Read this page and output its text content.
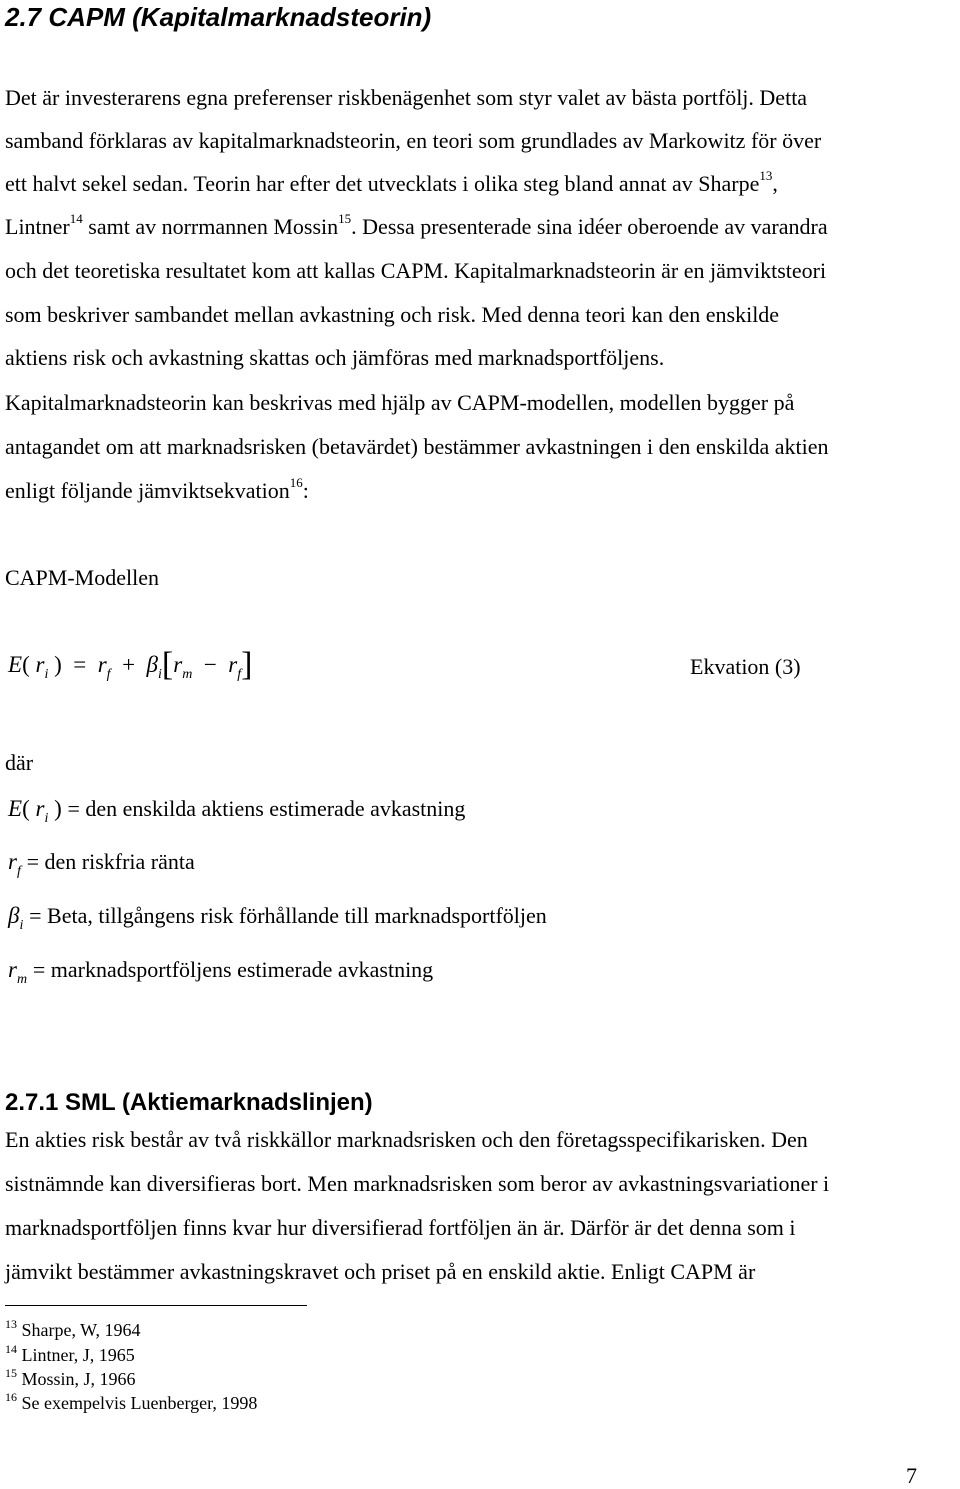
2.7 CAPM (Kapitalmarknadsteorin)
Det är investerarens egna preferenser riskbenägenhet som styr valet av bästa portfölj. Detta
samband förklaras av kapitalmarknadsteorin, en teori som grundlades av Markowitz för över
ett halvt sekel sedan. Teorin har efter det utvecklats i olika steg bland annat av Sharpe$^{13}$,
Lintner$^{14}$ samt av norrmannen Mossin$^{15}$. Dessa presenterade sina idéer oberoende av varandra
och det teoretiska resultatet kom att kallas CAPM. Kapitalmarknadsteorin är en jämviktsteori
som beskriver sambandet mellan avkastning och risk. Med denna teori kan den enskilde
aktiens risk och avkastning skattas och jämföras med marknadsportföljens.
Kapitalmarknadsteorin kan beskrivas med hjälp av CAPM-modellen, modellen bygger på
antagandet om att marknadsrisken (betavärdet) bestämmer avkastningen i den enskilda aktien
enligt följande jämviktsekvation$^{16}$:
CAPM-Modellen
E( $r_i$ )  =  $r_f + \beta_i[r_m - r_f]$	Ekvation (3)
där
E( $r_i$ ) = den enskilda aktiens estimerade avkastning
$r_f$ = den riskfria ränta
$\beta_i$ = Beta, tillgångens risk förhållande till marknadsportföljen
$r_m$ = marknadsportföljens estimerade avkastning
2.7.1 SML (Aktiemarknadslinjen)
En akties risk består av två riskkällor marknadsrisken och den företagsspecifikarisken. Den
sistnämnde kan diversifieras bort. Men marknadsrisken som beror av avkastningsvariationer i
marknadsportföljen finns kvar hur diversifierad fortföljen än är. Därför är det denna som i
jämvikt bestämmer avkastningskravet och priset på en enskild aktie. Enligt CAPM är
$^{13}$ Sharpe, W, 1964
$^{14}$ Lintner, J, 1965
$^{15}$ Mossin, J, 1966
$^{16}$ Se exempelvis Luenberger, 1998
7
